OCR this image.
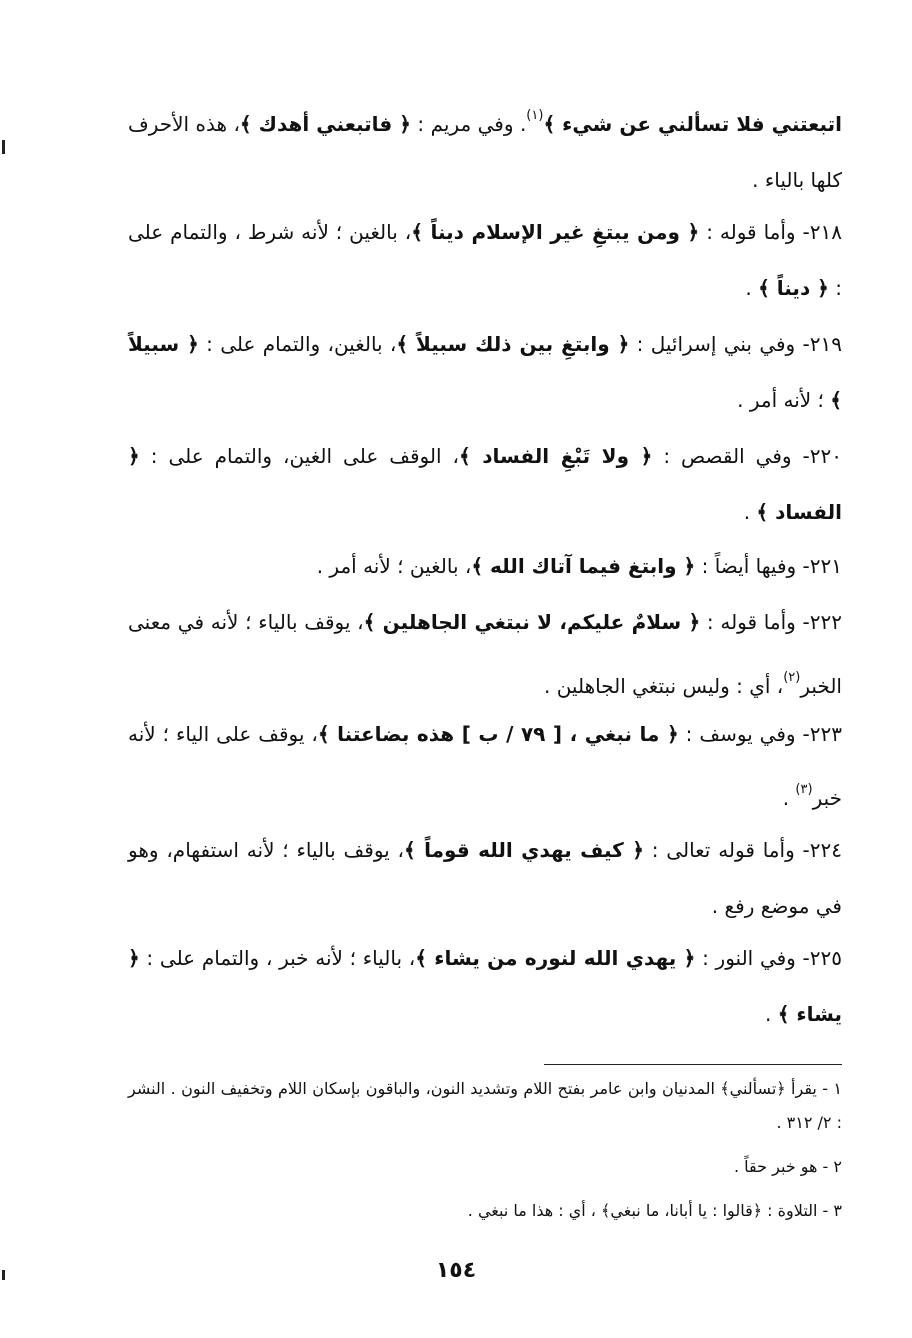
اتبعتني فلا تسألني عن شيء ﴾$^{(١)}$. وفي مريم : ﴿ فاتبعني أهدك ﴾، هذه الأحرف كلها بالياء .
٢١٨- وأما قوله : ﴿ ومن يبتغِ غير الإسلام ديناً ﴾، بالغين ؛ لأنه شرط ، والتمام على : ﴿ ديناً ﴾ .
٢١٩- وفي بني إسرائيل : ﴿ وابتغِ بين ذلك سبيلاً ﴾، بالغين، والتمام على : ﴿ سبيلاً ﴾ ؛ لأنه أمر .
٢٢٠- وفي القصص : ﴿ ولا تَبْغِ الفساد ﴾، الوقف على الغين، والتمام على : ﴿ الفساد ﴾ .
٢٢١- وفيها أيضاً : ﴿ وابتغ فيما آتاك الله ﴾، بالغين ؛ لأنه أمر .
٢٢٢- وأما قوله : ﴿ سلامٌ عليكم، لا نبتغي الجاهلين ﴾، يوقف بالياء ؛ لأنه في معنى الخبر$^{(٢)}$، أي : وليس نبتغي الجاهلين .
٢٢٣- وفي يوسف : ﴿ ما نبغي ، [ ٧٩ / ب ] هذه بضاعتنا ﴾، يوقف على الياء ؛ لأنه خبر$^{(٣)}$ .
٢٢٤- وأما قوله تعالى : ﴿ كيف يهدي الله قوماً ﴾، يوقف بالياء ؛ لأنه استفهام، وهو في موضع رفع .
٢٢٥- وفي النور : ﴿ يهدي الله لنوره من يشاء ﴾، بالياء ؛ لأنه خبر ، والتمام على : ﴿ يشاء ﴾ .
١ - يقرأ ﴿تسألني﴾ المدنيان وابن عامر بفتح اللام وتشديد النون، والباقون بإسكان اللام وتخفيف النون . النشر : ٢/ ٣١٢ .
٢ - هو خبر حقاً .
٣ - التلاوة : ﴿قالوا : يا أبانا، ما نبغي﴾ ، أي : هذا ما نبغي .
١٥٤
